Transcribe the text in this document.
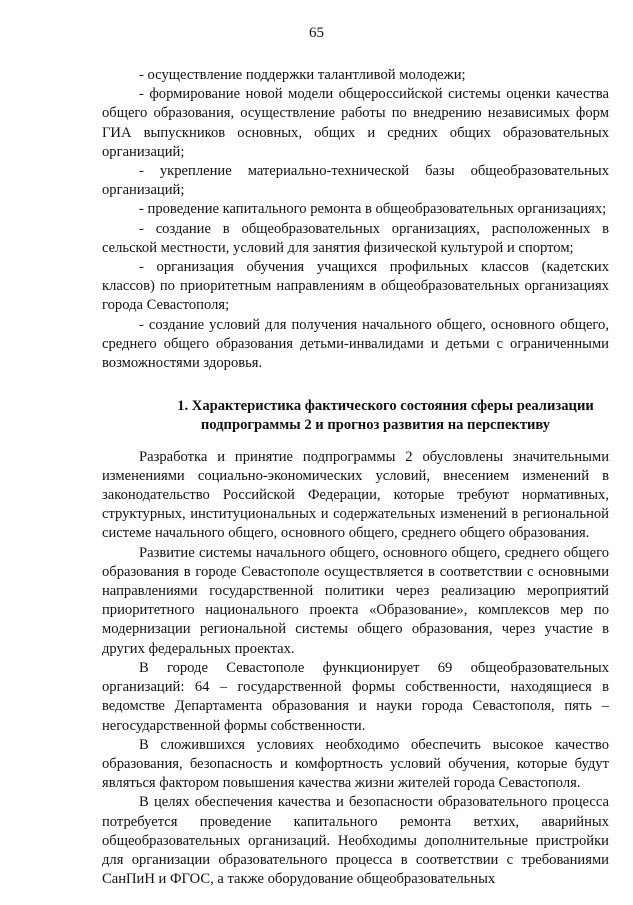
65

- осуществление поддержки талантливой молодежи;

- формирование новой модели общероссийской системы оценки качества общего образования, осуществление работы по внедрению независимых форм ГИА выпускников основных, общих и средних общих образовательных организаций;

- укрепление материально-технической базы общеобразовательных организаций;

- проведение капитального ремонта в общеобразовательных организациях;

- создание в общеобразовательных организациях, расположенных в сельской местности, условий для занятия физической культурой и спортом;

- организация обучения учащихся профильных классов (кадетских классов) по приоритетным направлениям в общеобразовательных организациях города Севастополя;

- создание условий для получения начального общего, основного общего, среднего общего образования детьми-инвалидами и детьми с ограниченными возможностями здоровья.

1. Характеристика фактического состояния сферы реализации
подпрограммы 2 и прогноз развития на перспективу

Разработка и принятие подпрограммы 2 обусловлены значительными изменениями социально-экономических условий, внесением изменений в законодательство Российской Федерации, которые требуют нормативных, структурных, институциональных и содержательных изменений в региональной системе начального общего, основного общего, среднего общего образования.

Развитие системы начального общего, основного общего, среднего общего образования в городе Севастополе осуществляется в соответствии с основными направлениями государственной политики через реализацию мероприятий приоритетного национального проекта «Образование», комплексов мер по модернизации региональной системы общего образования, через участие в других федеральных проектах.

В городе Севастополе функционирует 69 общеобразовательных организаций: 64 – государственной формы собственности, находящиеся в ведомстве Департамента образования и науки города Севастополя, пять – негосударственной формы собственности.

В сложившихся условиях необходимо обеспечить высокое качество образования, безопасность и комфортность условий обучения, которые будут являться фактором повышения качества жизни жителей города Севастополя.

В целях обеспечения качества и безопасности образовательного процесса потребуется проведение капитального ремонта ветхих, аварийных общеобразовательных организаций. Необходимы дополнительные пристройки для организации образовательного процесса в соответствии с требованиями СанПиН и ФГОС, а также оборудование общеобразовательных
